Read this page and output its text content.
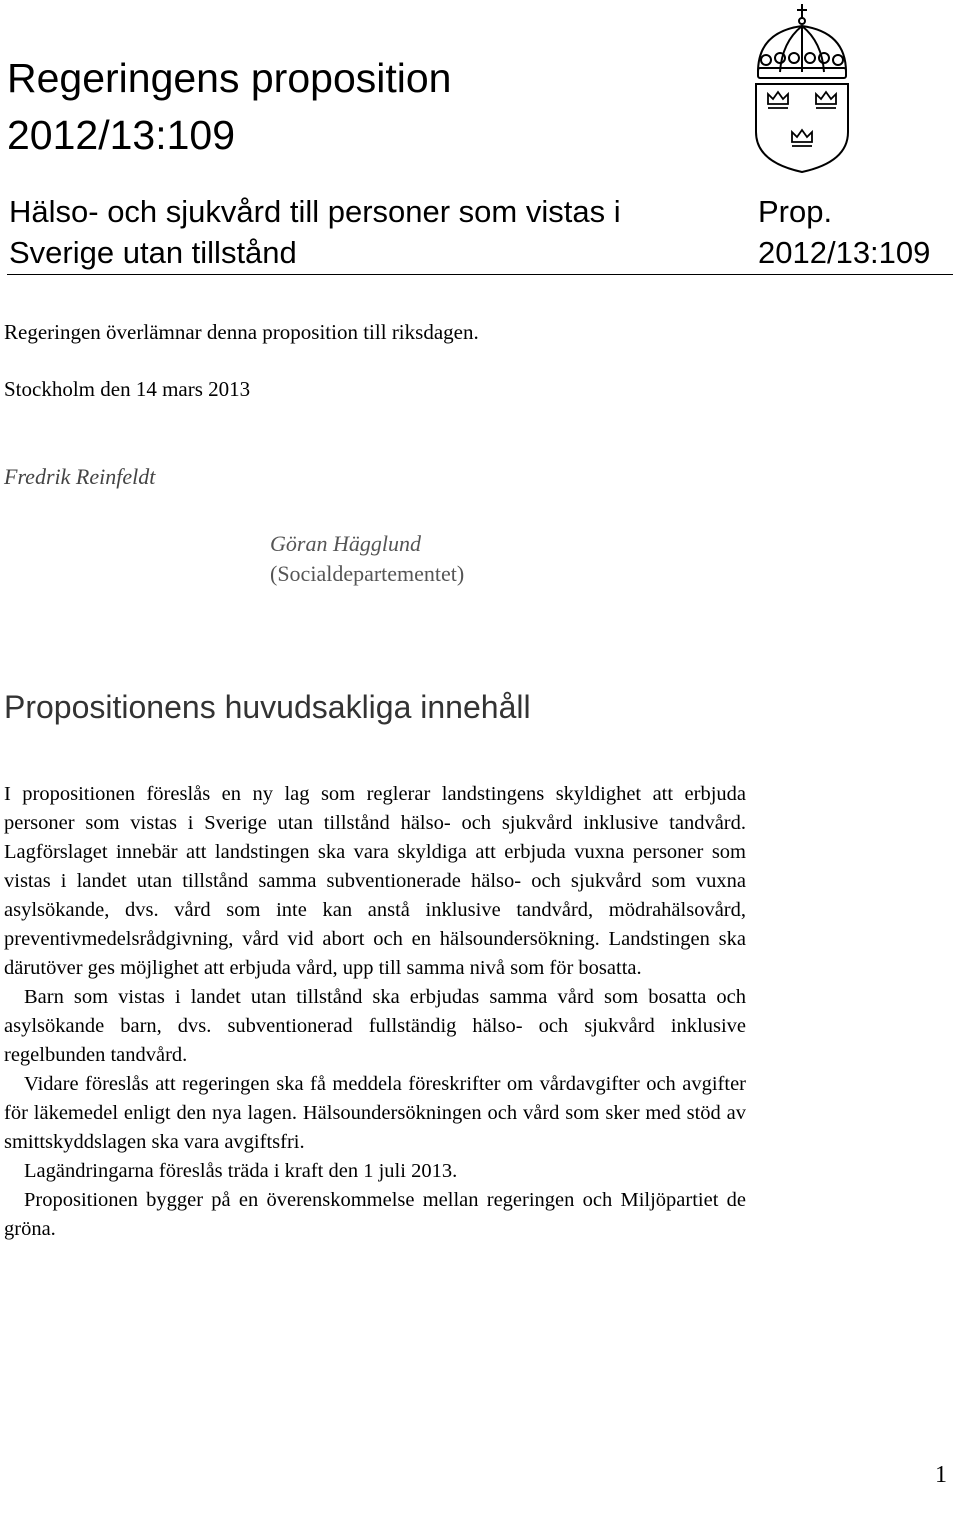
Regeringens proposition
2012/13:109
Hälso- och sjukvård till personer som vistas i
Sverige utan tillstånd
Prop.
2012/13:109
Regeringen överlämnar denna proposition till riksdagen.
Stockholm den 14 mars 2013
Fredrik Reinfeldt
Göran Hägglund
(Socialdepartementet)
Propositionens huvudsakliga innehåll

I propositionen föreslås en ny lag som reglerar landstingens skyldighet att erbjuda personer som vistas i Sverige utan tillstånd hälso- och sjukvård inklusive tandvård. Lagförslaget innebär att landstingen ska vara skyldiga att erbjuda vuxna personer som vistas i landet utan tillstånd samma subventionerade hälso- och sjukvård som vuxna asylsökande, dvs. vård som inte kan anstå inklusive tandvård, mödrahälsovård, preventivmedelsrådgivning, vård vid abort och en hälsoundersökning. Landstingen ska därutöver ges möjlighet att erbjuda vård, upp till samma nivå som för bosatta.

Barn som vistas i landet utan tillstånd ska erbjudas samma vård som bosatta och asylsökande barn, dvs. subventionerad fullständig hälso- och sjukvård inklusive regelbunden tandvård.

Vidare föreslås att regeringen ska få meddela föreskrifter om vårdavgifter och avgifter för läkemedel enligt den nya lagen. Hälsoundersökningen och vård som sker med stöd av smittskyddslagen ska vara avgiftsfri.

Lagändringarna föreslås träda i kraft den 1 juli 2013.

Propositionen bygger på en överenskommelse mellan regeringen och Miljöpartiet de gröna.

1
